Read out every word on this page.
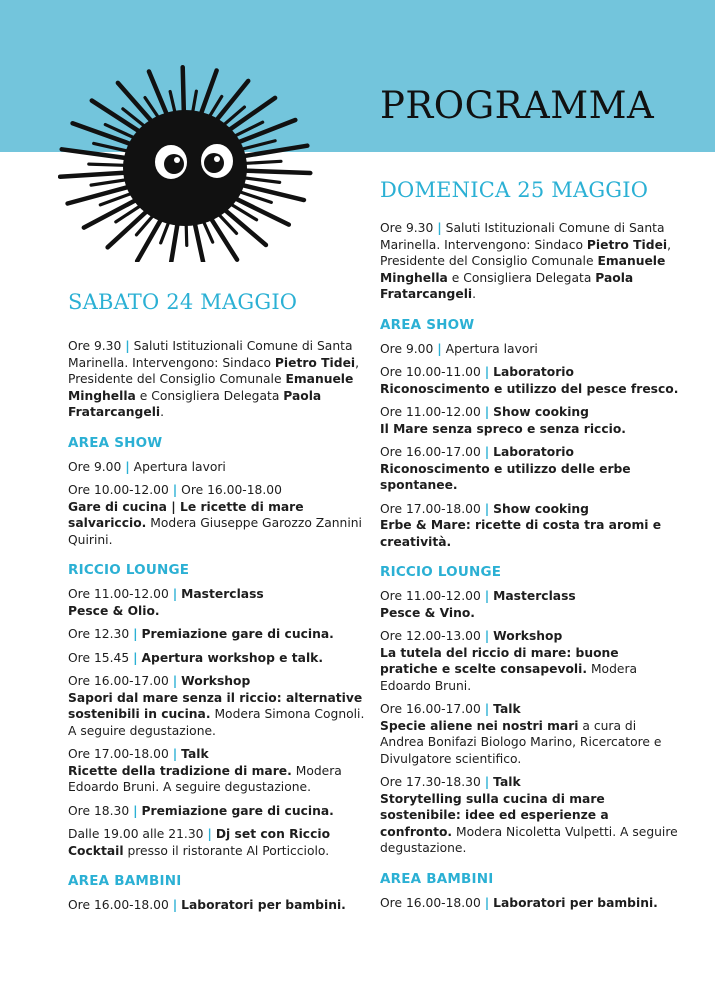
PROGRAMMA
SABATO 24 MAGGIO

Ore 9.30 | Saluti Istituzionali Comune di Santa Marinella. Intervengono: Sindaco Pietro Tidei, Presidente del Consiglio Comunale Emanuele Minghella e Consigliera Delegata Paola Fratarcangeli.

AREA SHOW

Ore 9.00 | Apertura lavori

Ore 10.00-12.00 | Ore 16.00-18.00
Gare di cucina | Le ricette di mare salvariccio. Modera Giuseppe Garozzo Zannini Quirini.

RICCIO LOUNGE

Ore 11.00-12.00 | Masterclass
Pesce & Olio.

Ore 12.30 | Premiazione gare di cucina.

Ore 15.45 | Apertura workshop e talk.

Ore 16.00-17.00 | Workshop
Sapori dal mare senza il riccio: alternative sostenibili in cucina. Modera Simona Cognoli. A seguire degustazione.

Ore 17.00-18.00 | Talk
Ricette della tradizione di mare. Modera Edoardo Bruni. A seguire degustazione.

Ore 18.30 | Premiazione gare di cucina.

Dalle 19.00 alle 21.30 | Dj set con Riccio Cocktail presso il ristorante Al Porticciolo.

AREA BAMBINI

Ore 16.00-18.00 | Laboratori per bambini.

DOMENICA 25 MAGGIO

Ore 9.30 | Saluti Istituzionali Comune di Santa Marinella. Intervengono: Sindaco Pietro Tidei, Presidente del Consiglio Comunale Emanuele Minghella e Consigliera Delegata Paola Fratarcangeli.

AREA SHOW

Ore 9.00 | Apertura lavori

Ore 10.00-11.00 | Laboratorio
Riconoscimento e utilizzo del pesce fresco.

Ore 11.00-12.00 | Show cooking
Il Mare senza spreco e senza riccio.

Ore 16.00-17.00 | Laboratorio
Riconoscimento e utilizzo delle erbe spontanee.

Ore 17.00-18.00 | Show cooking
Erbe & Mare: ricette di costa tra aromi e creatività.

RICCIO LOUNGE

Ore 11.00-12.00 | Masterclass
Pesce & Vino.

Ore 12.00-13.00 | Workshop
La tutela del riccio di mare: buone pratiche e scelte consapevoli. Modera Edoardo Bruni.

Ore 16.00-17.00 | Talk
Specie aliene nei nostri mari a cura di Andrea Bonifazi Biologo Marino, Ricercatore e Divulgatore scientifico.

Ore 17.30-18.30 | Talk
Storytelling sulla cucina di mare sostenibile: idee ed esperienze a confronto. Modera Nicoletta Vulpetti. A seguire degustazione.

AREA BAMBINI

Ore 16.00-18.00 | Laboratori per bambini.
